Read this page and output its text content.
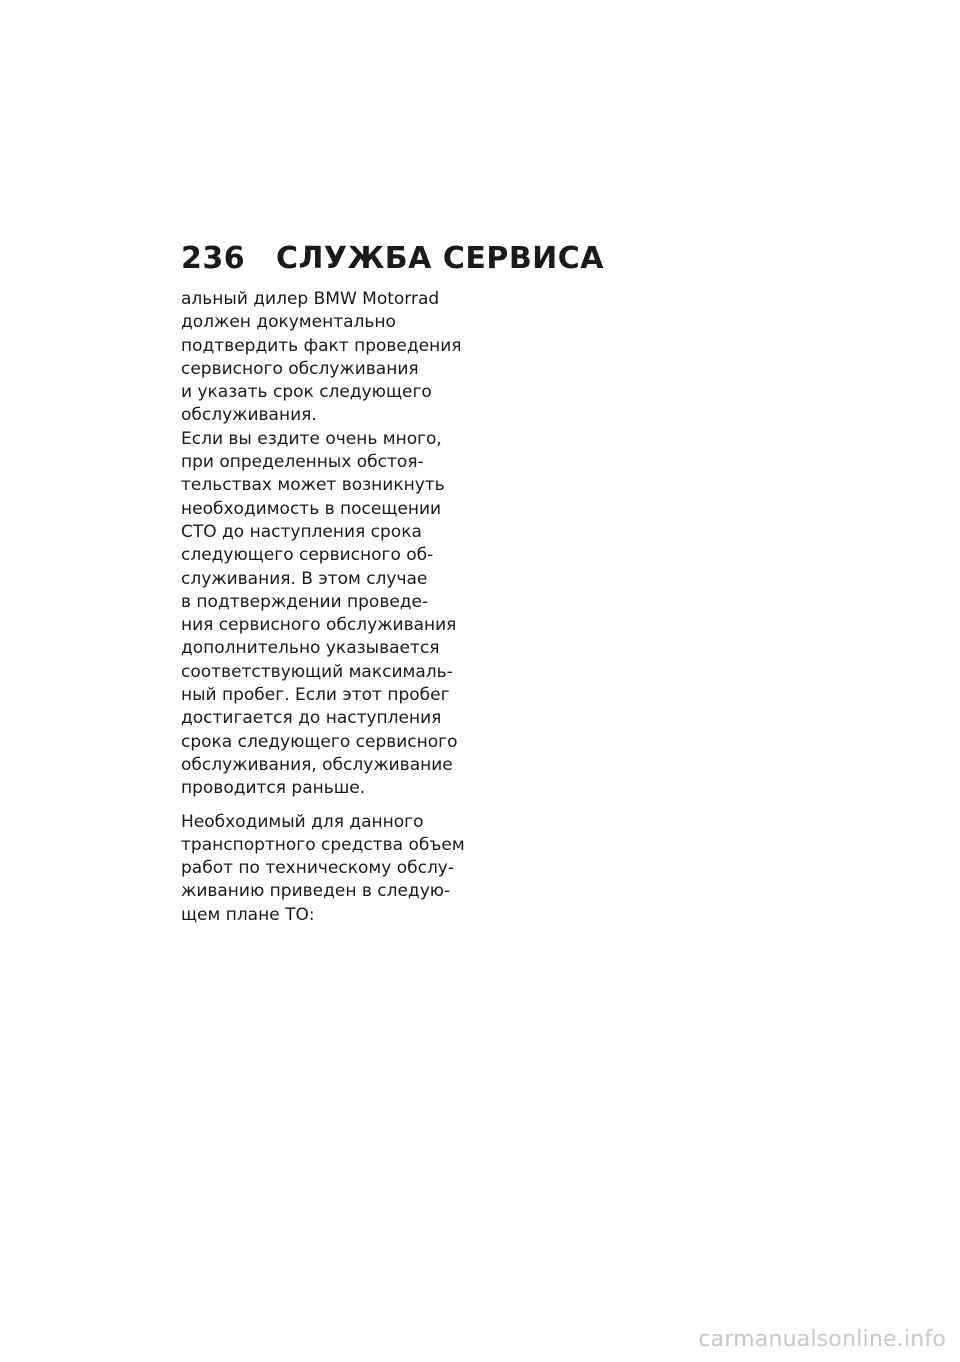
236	СЛУЖБА СЕРВИСА

альный дилер BMW Motorrad
должен документально
подтвердить факт проведения
сервисного обслуживания
и указать срок следующего
обслуживания.

Если вы ездите очень много,
при определенных обстоя-
тельствах может возникнуть
необходимость в посещении
СТО до наступления срока
следующего сервисного об-
служивания. В этом случае
в подтверждении проведе-
ния сервисного обслуживания
дополнительно указывается
соответствующий максималь-
ный пробег. Если этот пробег
достигается до наступления
срока следующего сервисного
обслуживания, обслуживание
проводится раньше.

Необходимый для данного
транспортного средства объем
работ по техническому обслу-
живанию приведен в следую-
щем плане ТО:

carmanualsonline.info
